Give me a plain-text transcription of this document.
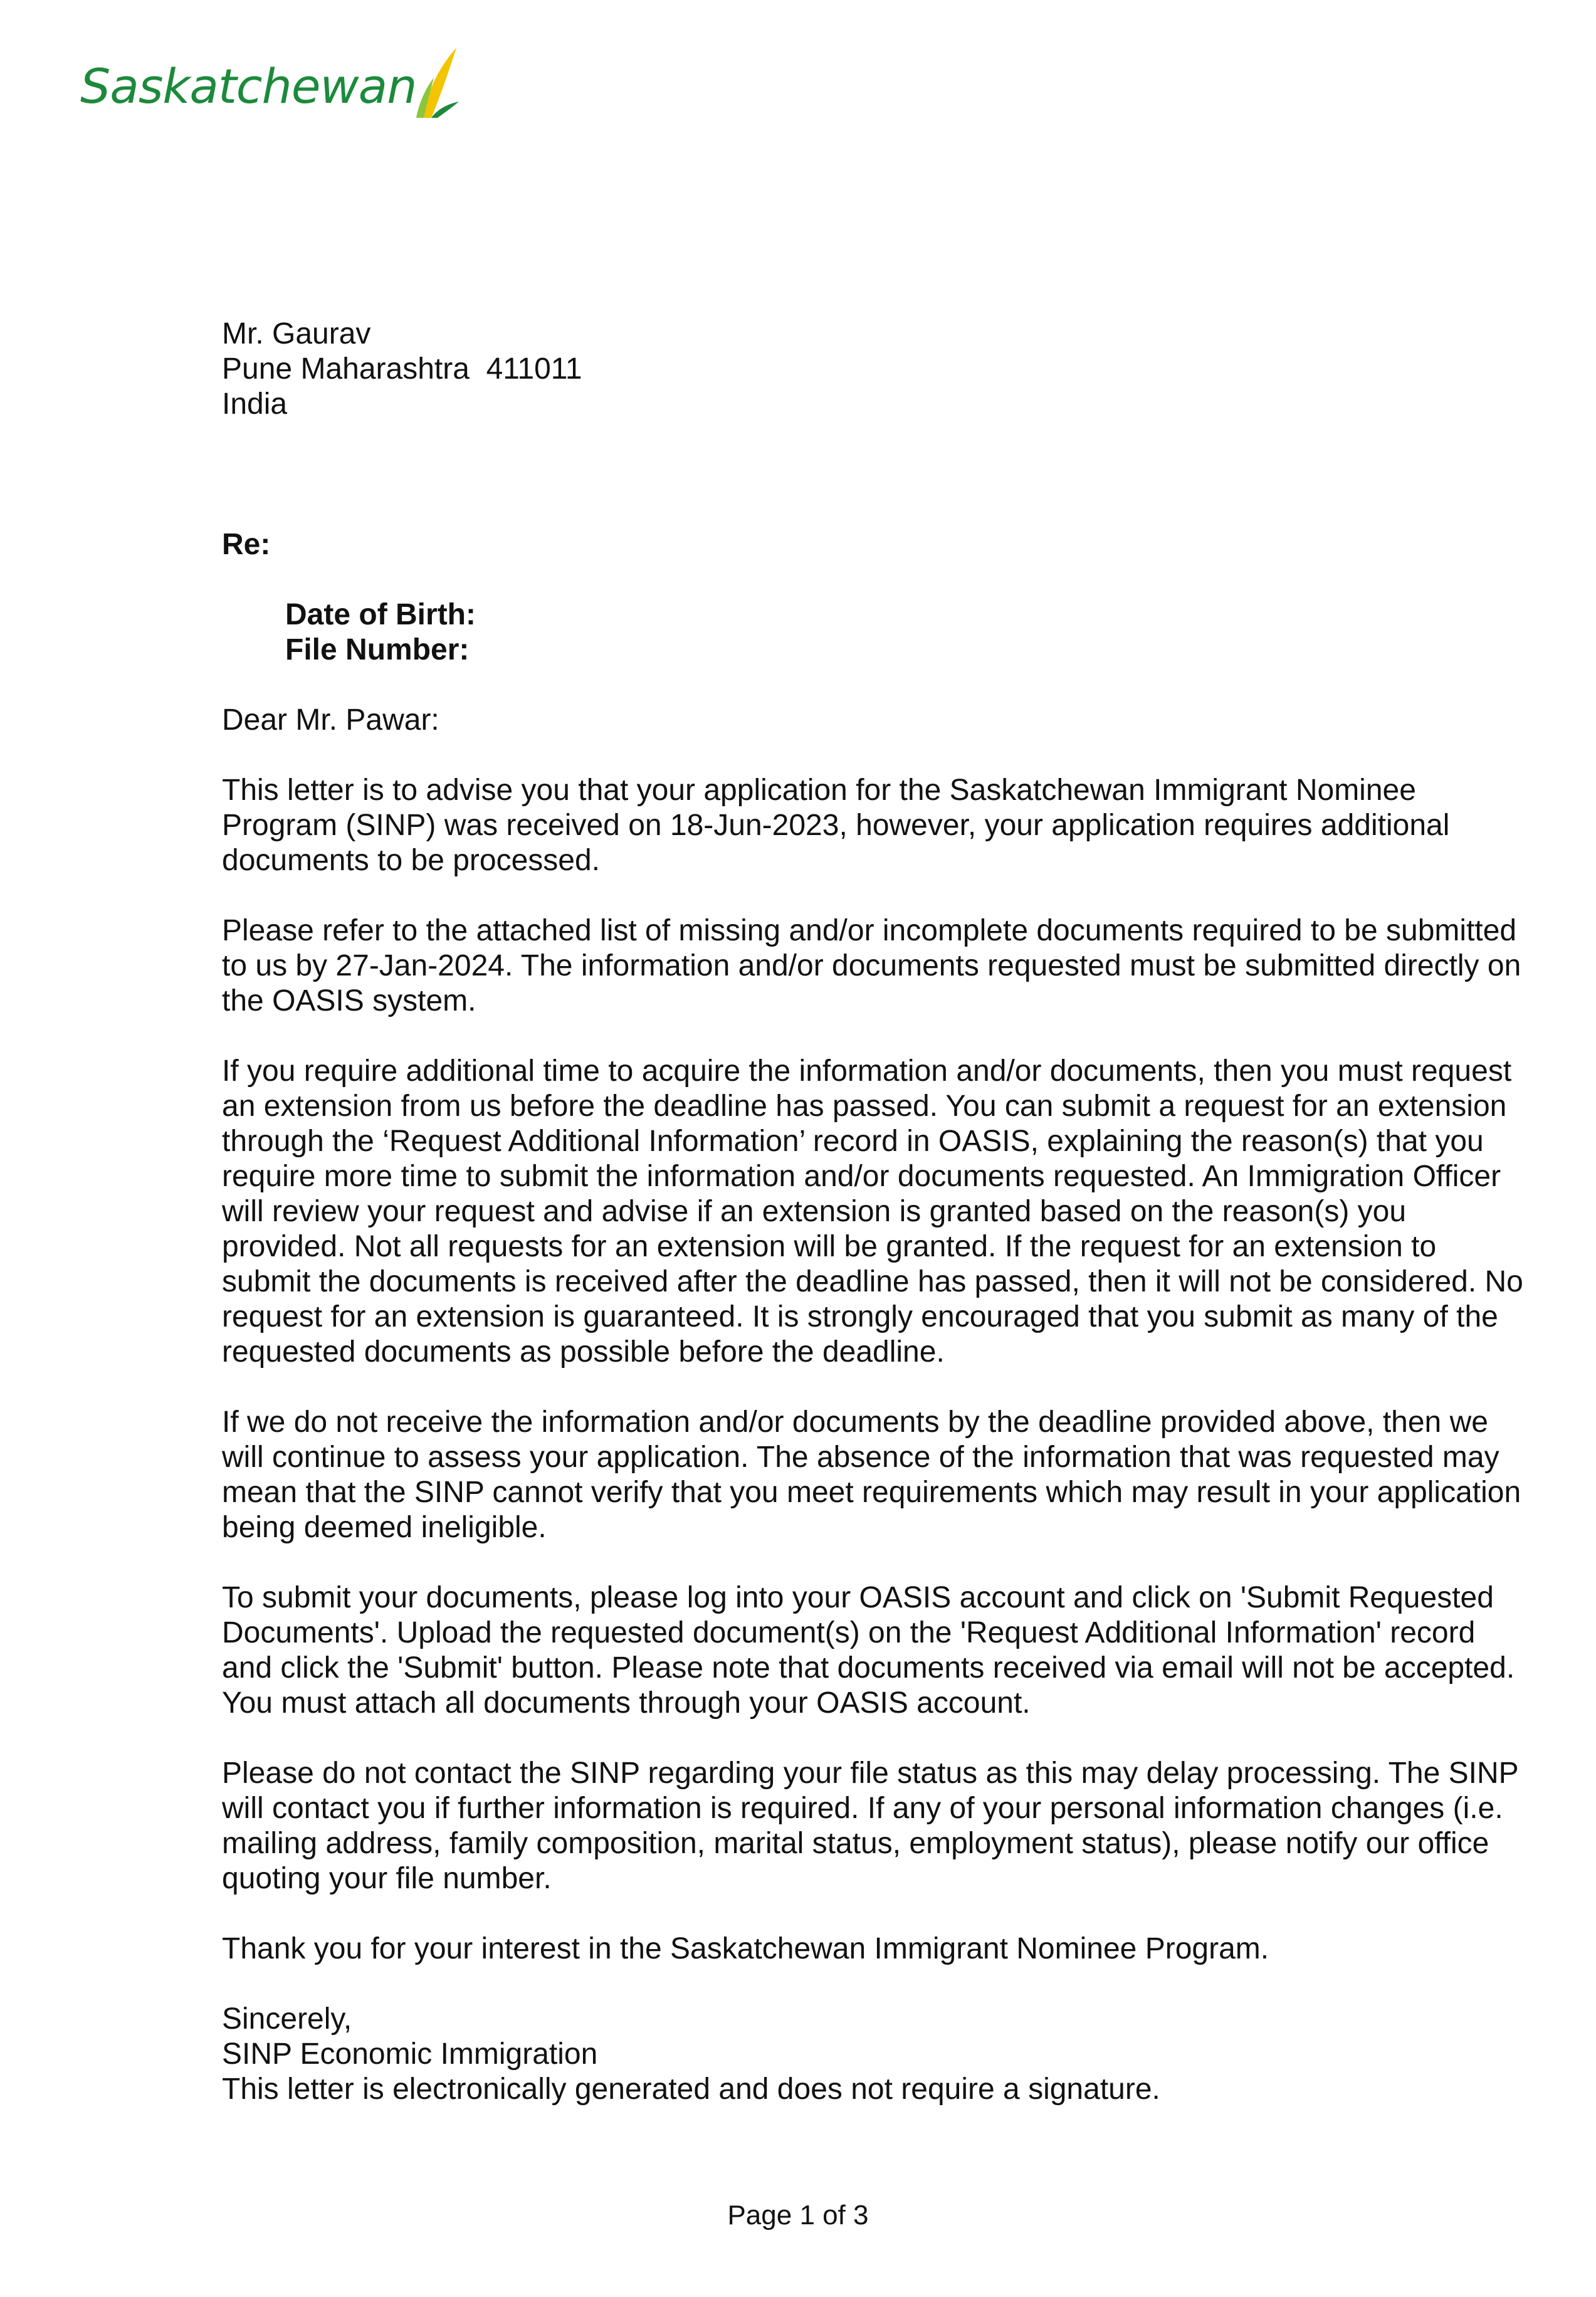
Saskatchewan

Mr. Gaurav

Pune Maharashtra  411011

India

Re:
Date of Birth:
File Number:
Dear Mr. Pawar:

This letter is to advise you that your application for the Saskatchewan Immigrant Nominee Program (SINP) was received on 18-Jun-2023, however, your application requires additional documents to be processed.

Please refer to the attached list of missing and/or incomplete documents required to be submitted to us by 27-Jan-2024. The information and/or documents requested must be submitted directly on the OASIS system.

If you require additional time to acquire the information and/or documents, then you must request an extension from us before the deadline has passed. You can submit a request for an extension through the ‘Request Additional Information’ record in OASIS, explaining the reason(s) that you require more time to submit the information and/or documents requested. An Immigration Officer will review your request and advise if an extension is granted based on the reason(s) you provided. Not all requests for an extension will be granted. If the request for an extension to submit the documents is received after the deadline has passed, then it will not be considered. No request for an extension is guaranteed. It is strongly encouraged that you submit as many of the requested documents as possible before the deadline.

If we do not receive the information and/or documents by the deadline provided above, then we will continue to assess your application. The absence of the information that was requested may mean that the SINP cannot verify that you meet requirements which may result in your application being deemed ineligible.

To submit your documents, please log into your OASIS account and click on 'Submit Requested Documents'. Upload the requested document(s) on the 'Request Additional Information' record and click the 'Submit' button. Please note that documents received via email will not be accepted. You must attach all documents through your OASIS account.

Please do not contact the SINP regarding your file status as this may delay processing. The SINP will contact you if further information is required. If any of your personal information changes (i.e. mailing address, family composition, marital status, employment status), please notify our office quoting your file number.

Thank you for your interest in the Saskatchewan Immigrant Nominee Program.

Sincerely,
SINP Economic Immigration
This letter is electronically generated and does not require a signature.
Page 1 of 3
